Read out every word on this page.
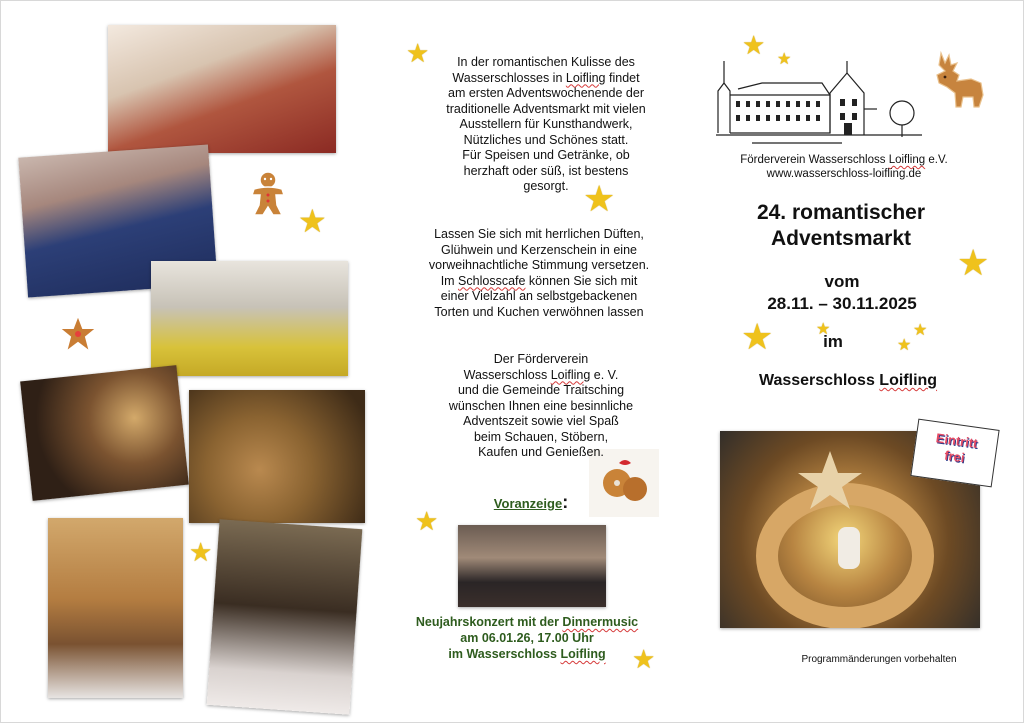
Eintritt
frei
★
★
★
★
★
★
★ ★
★
★	★	★
★
In der romantischen Kulisse des
Wasserschlosses in Loifling findet
am ersten Adventswochenende der
traditionelle Adventsmarkt mit vielen
Ausstellern für Kunsthandwerk,
Nützliches und Schönes statt.
Für Speisen und Getränke, ob
herzhaft oder süß, ist bestens
gesorgt.
Lassen Sie sich mit herrlichen Düften,
Glühwein und Kerzenschein in eine
vorweihnachtliche Stimmung versetzen.
Im Schlosscafe können Sie sich mit
einer Vielzahl an selbstgebackenen
Torten und Kuchen verwöhnen lassen
Der Förderverein
Wasserschloss Loifling e. V.
und die Gemeinde Traitsching
wünschen Ihnen eine besinnliche
Adventszeit sowie viel Spaß
beim Schauen, Stöbern,
Kaufen und Genießen.
Voranzeige:
Neujahrskonzert mit der Dinnermusic
am 06.01.26, 17.00 Uhr
im Wasserschloss Loifling
Förderverein Wasserschloss Loifling e.V.
www.wasserschloss-loifling.de
24. romantischer
Adventsmarkt
vom
28.11. – 30.11.2025
im
Wasserschloss Loifling
Programmänderungen vorbehalten
